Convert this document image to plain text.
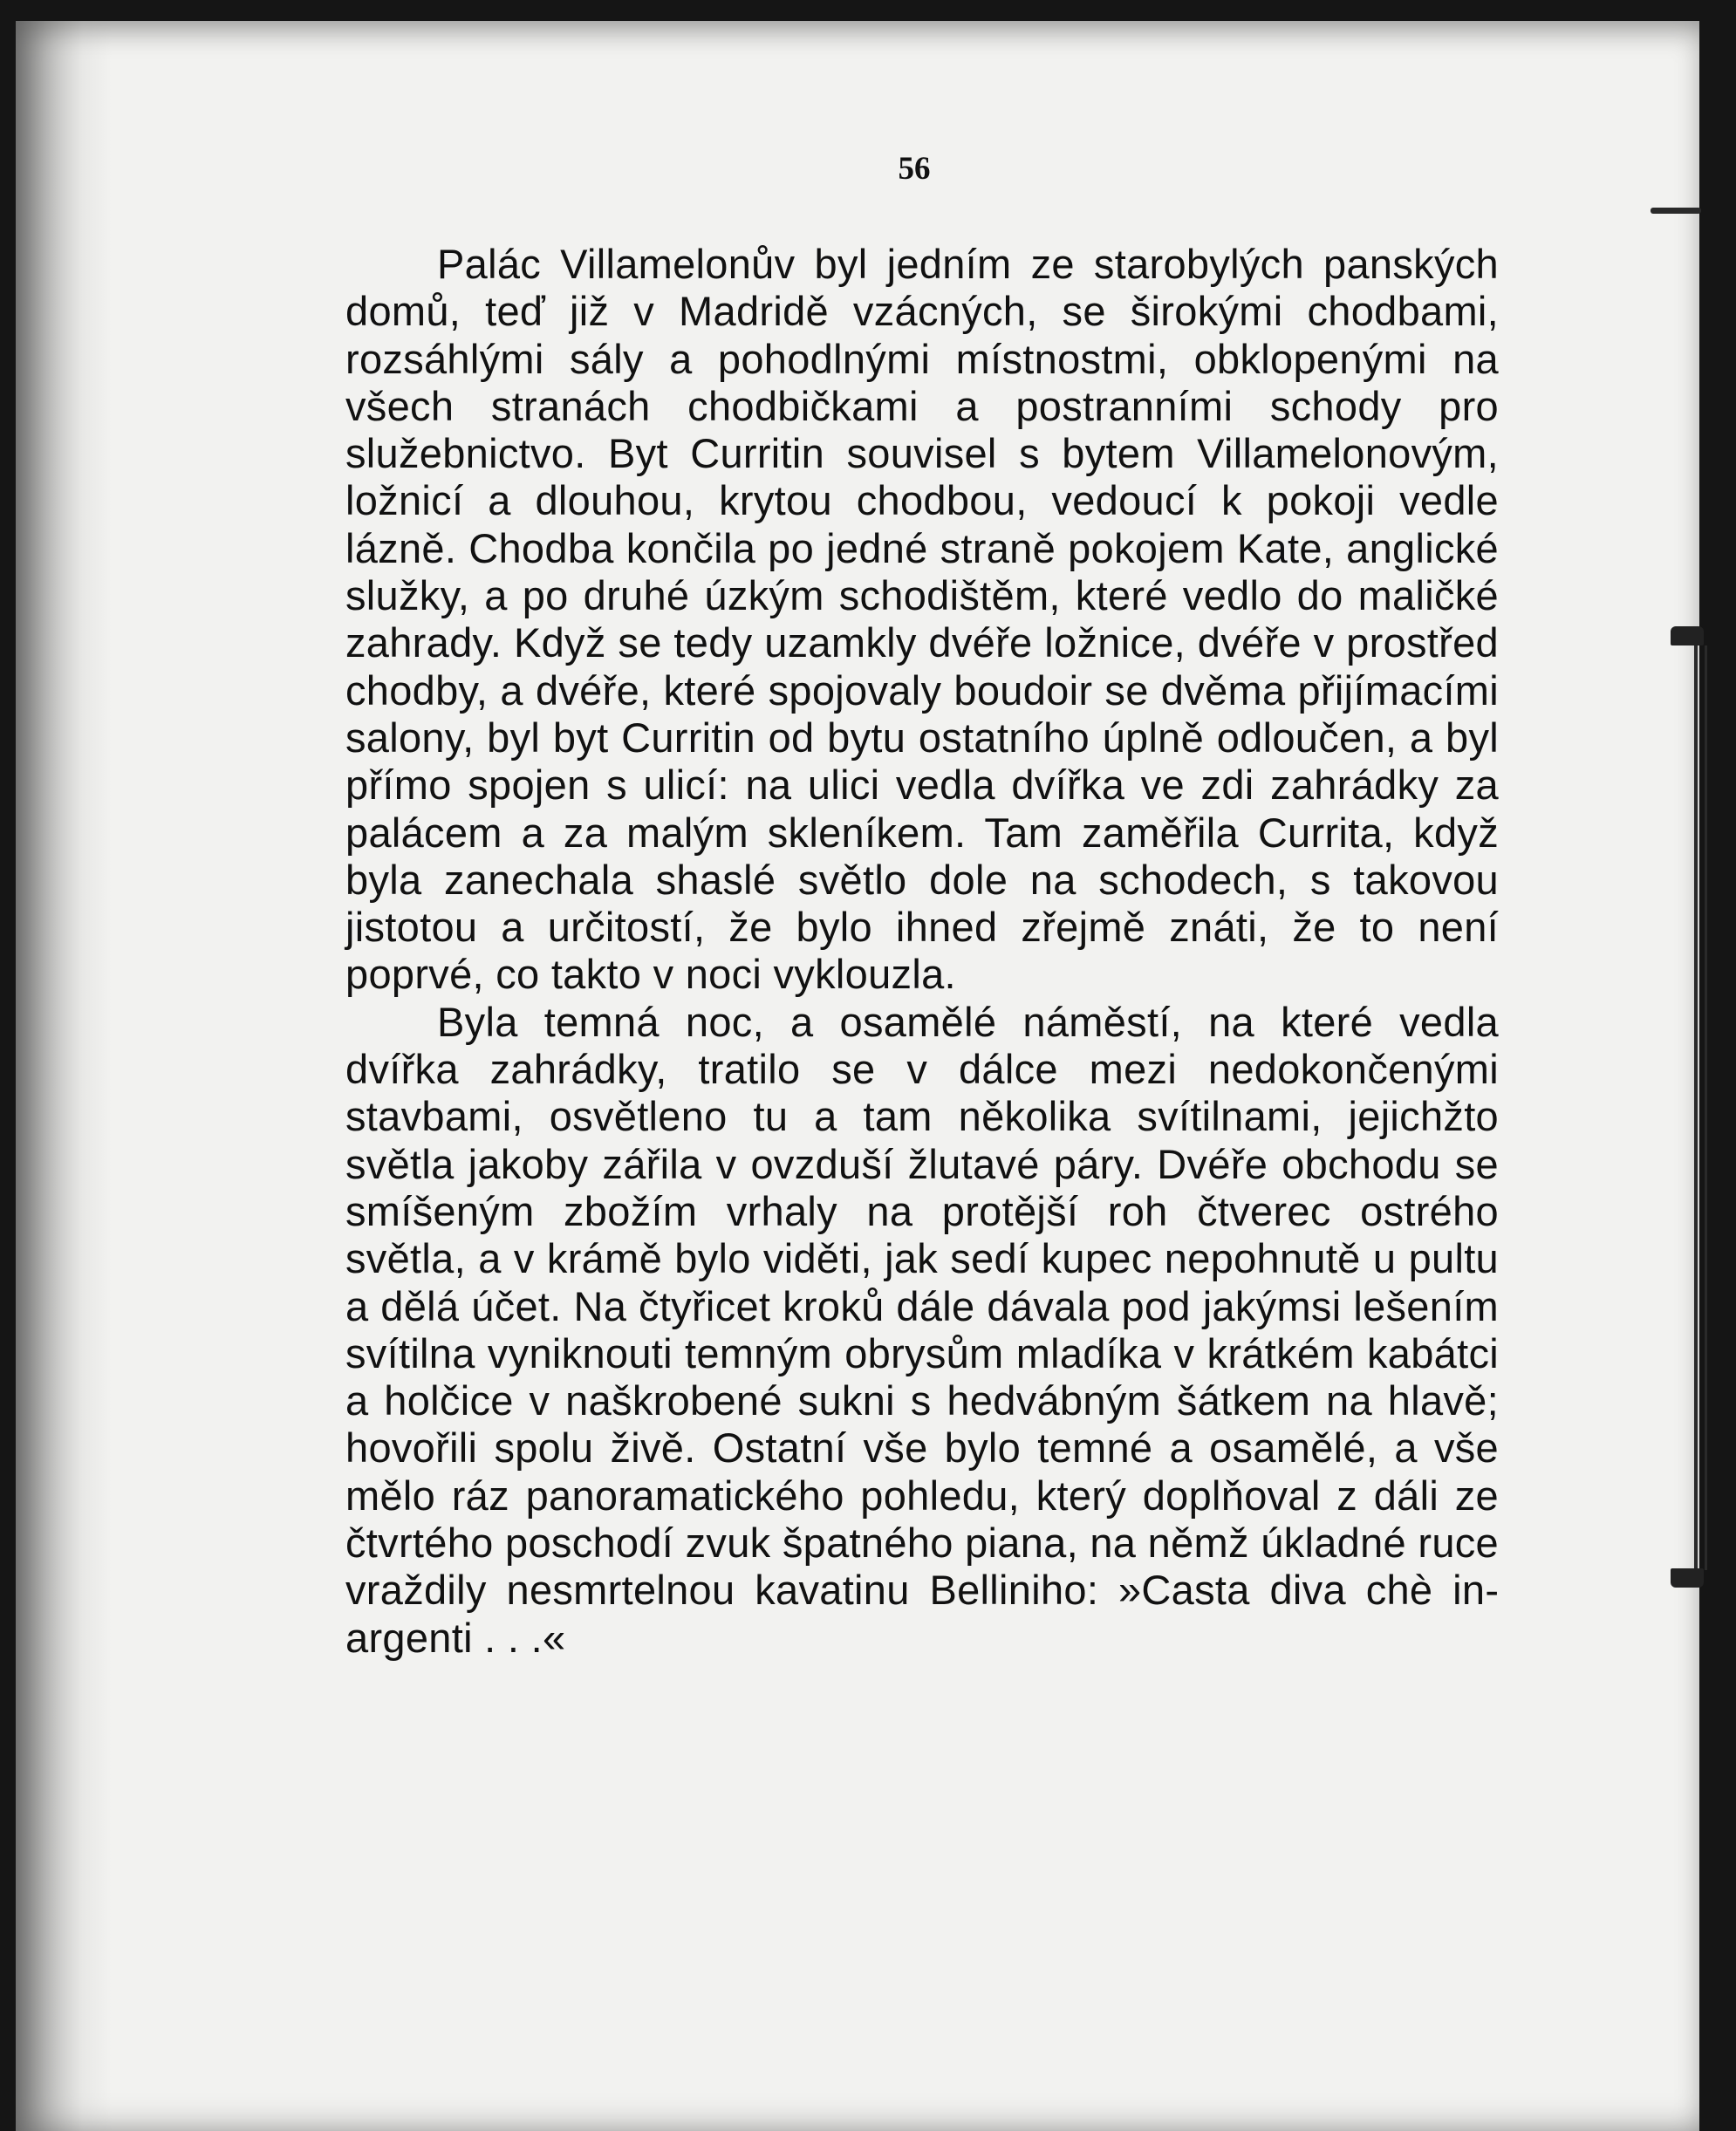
56

Palác Villamelonův byl jedním ze starobylých panských domů, teď již v Madridě vzácných, se širokými chodbami, rozsáhlými sály a pohodlnými místnostmi, obklopenými na všech stranách chodbičkami a postranními schody pro služebnictvo. Byt Curritin souvisel s bytem Villamelonovým, ložnicí a dlouhou, krytou chodbou, vedoucí k pokoji vedle lázně. Chodba končila po jedné straně pokojem Kate, anglické služky, a po druhé úzkým schodištěm, které vedlo do maličké zahrady. Když se tedy uzamkly dvéře ložnice, dvéře v prostřed chodby, a dvéře, které spojovaly boudoir se dvěma přijímacími salony, byl byt Curritin od bytu ostatního úplně odloučen, a byl přímo spojen s ulicí: na ulici vedla dvířka ve zdi zahrádky za palácem a za malým skleníkem. Tam zaměřila Currita, když byla zanechala shaslé světlo dole na schodech, s takovou jistotou a určitostí, že bylo ihned zřejmě znáti, že to není poprvé, co takto v noci vyklouzla.

Byla temná noc, a osamělé náměstí, na které vedla dvířka zahrádky, tratilo se v dálce mezi nedokončenými stavbami, osvětleno tu a tam několika svítilnami, jejichžto světla jakoby zářila v ovzduší žlutavé páry. Dvéře obchodu se smíšeným zbožím vrhaly na protější roh čtverec ostrého světla, a v krámě bylo viděti, jak sedí kupec nepohnutě u pultu a dělá účet. Na čtyřicet kroků dále dávala pod jakýmsi lešením svítilna vyniknouti temným obrysům mladíka v krátkém kabátci a holčice v naškrobené sukni s hedvábným šátkem na hlavě; hovořili spolu živě. Ostatní vše bylo temné a osamělé, a vše mělo ráz panoramatického pohledu, který doplňoval z dáli ze čtvrtého poschodí zvuk špatného piana, na němž úkladné ruce vraždily nesmrtelnou kavatinu Belliniho: »Casta diva chè inargenti . . .«
